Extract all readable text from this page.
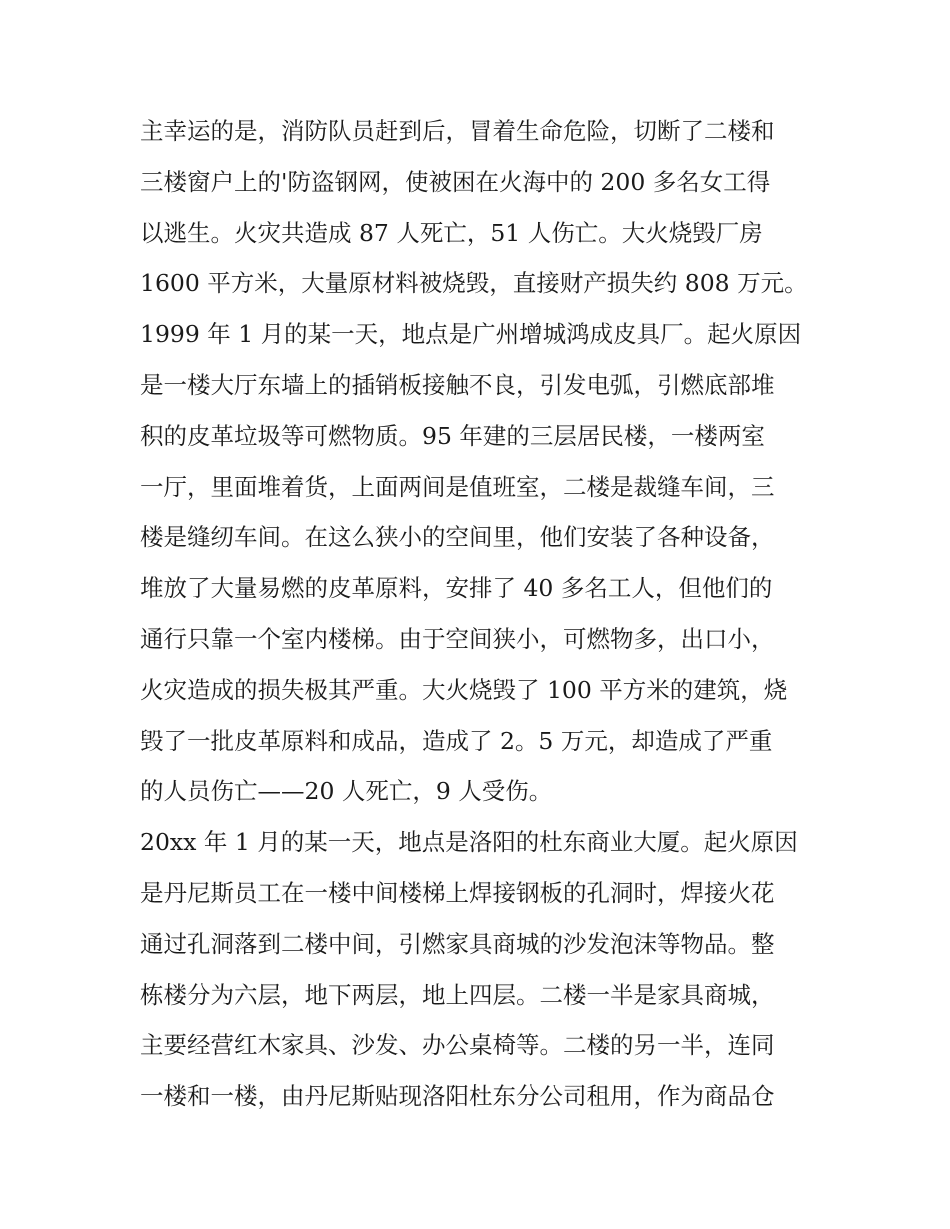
主幸运的是，消防队员赶到后，冒着生命危险，切断了二楼和
三楼窗户上的'防盗钢网，使被困在火海中的 200 多名女工得
以逃生。火灾共造成 87 人死亡，51 人伤亡。大火烧毁厂房
1600 平方米，大量原材料被烧毁，直接财产损失约 808 万元。
1999 年 1 月的某一天，地点是广州增城鸿成皮具厂。起火原因
是一楼大厅东墙上的插销板接触不良，引发电弧，引燃底部堆
积的皮革垃圾等可燃物质。95 年建的三层居民楼，一楼两室
一厅，里面堆着货，上面两间是值班室，二楼是裁缝车间，三
楼是缝纫车间。在这么狭小的空间里，他们安装了各种设备，
堆放了大量易燃的皮革原料，安排了 40 多名工人，但他们的
通行只靠一个室内楼梯。由于空间狭小，可燃物多，出口小，
火灾造成的损失极其严重。大火烧毁了 100 平方米的建筑，烧
毁了一批皮革原料和成品，造成了 2。5 万元，却造成了严重
的人员伤亡——20 人死亡，9 人受伤。
20xx 年 1 月的某一天，地点是洛阳的杜东商业大厦。起火原因
是丹尼斯员工在一楼中间楼梯上焊接钢板的孔洞时，焊接火花
通过孔洞落到二楼中间，引燃家具商城的沙发泡沫等物品。整
栋楼分为六层，地下两层，地上四层。二楼一半是家具商城，
主要经营红木家具、沙发、办公桌椅等。二楼的另一半，连同
一楼和一楼，由丹尼斯贴现洛阳杜东分公司租用，作为商品仓
